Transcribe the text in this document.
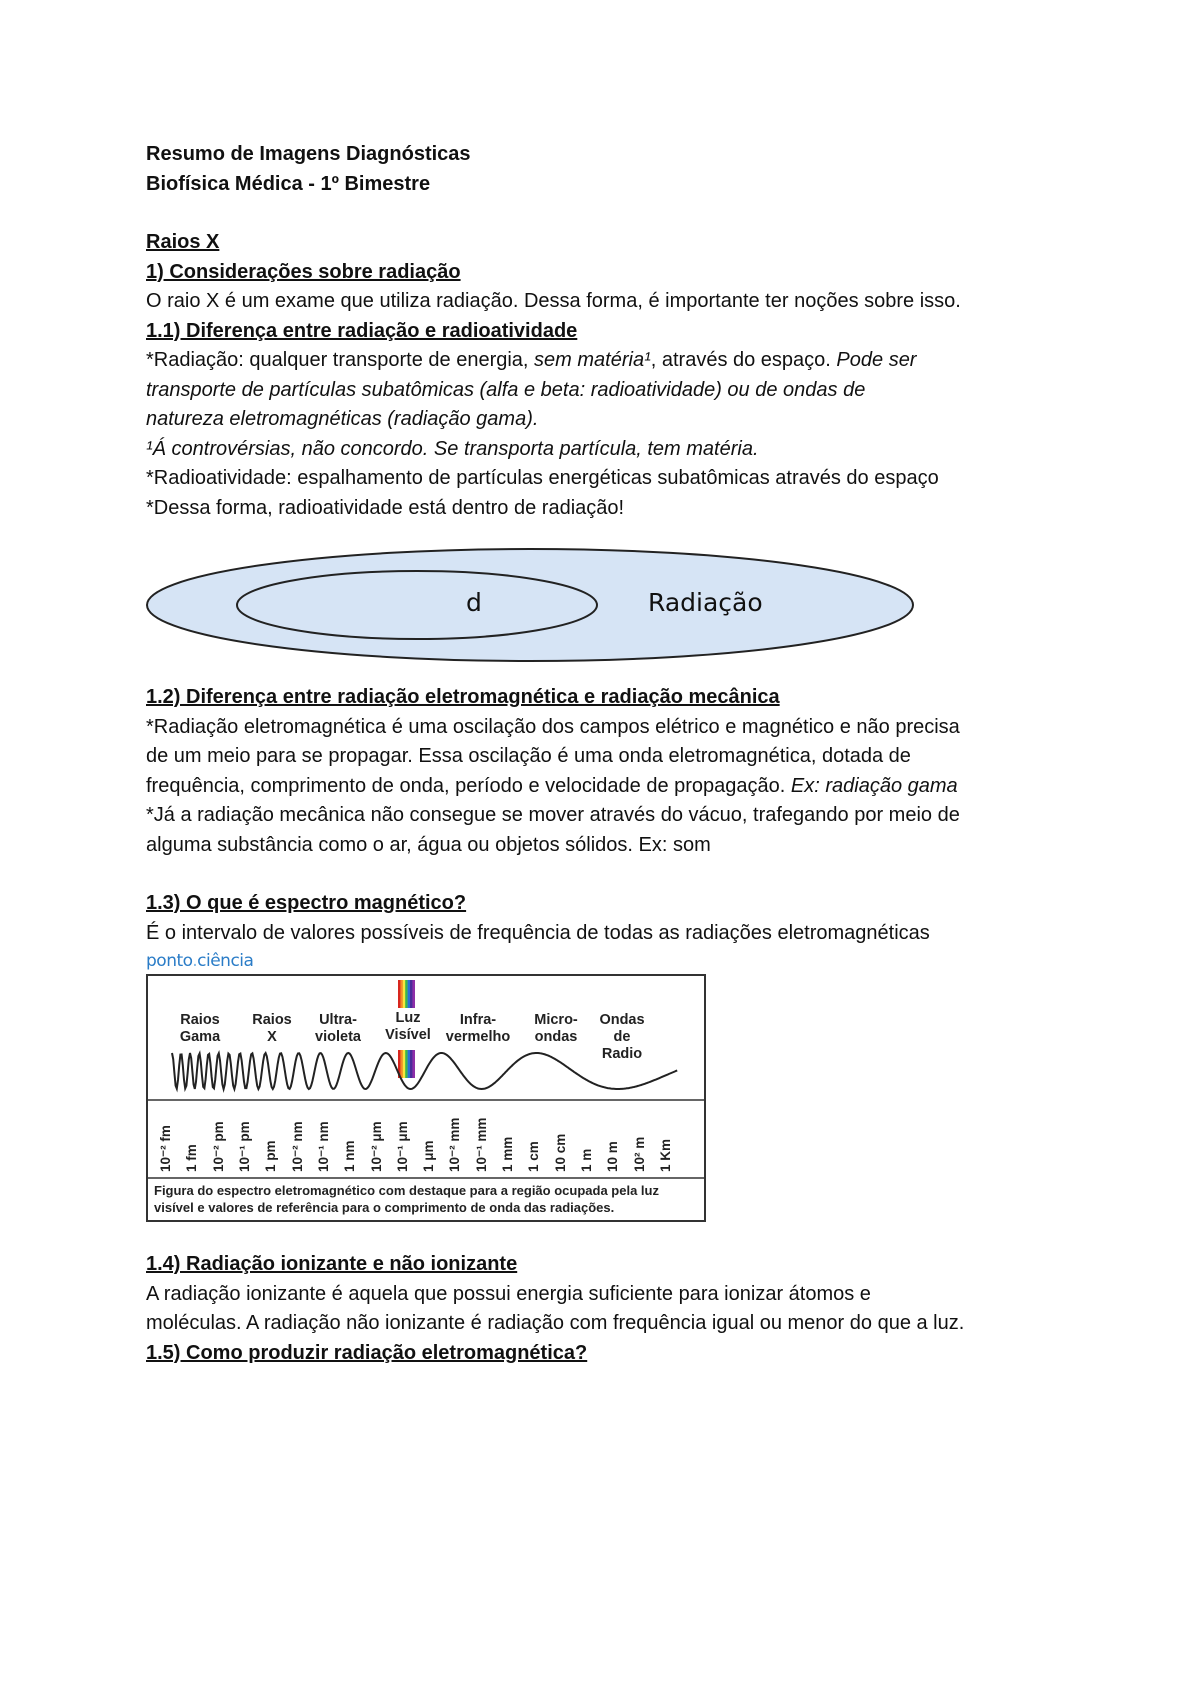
Resumo de Imagens Diagnósticas
Biofísica Médica - 1º Bimestre
Raios X
1) Considerações sobre radiação
O raio X é um exame que utiliza radiação. Dessa forma, é importante ter noções sobre isso.
1.1) Diferença entre radiação e radioatividade
*Radiação: qualquer transporte de energia, sem matéria¹, através do espaço. Pode ser
transporte de partículas subatômicas (alfa e beta: radioatividade) ou de ondas de
natureza eletromagnéticas (radiação gama).
¹Á controvérsias, não concordo. Se transporta partícula, tem matéria.
*Radioatividade: espalhamento de partículas energéticas subatômicas através do espaço
*Dessa forma, radioatividade está dentro de radiação!
d	Radiação
1.2) Diferença entre radiação eletromagnética e radiação mecânica
*Radiação eletromagnética é uma oscilação dos campos elétrico e magnético e não precisa
de um meio para se propagar. Essa oscilação é uma onda eletromagnética, dotada de
frequência, comprimento de onda, período e velocidade de propagação. Ex: radiação gama
*Já a radiação mecânica não consegue se mover através do vácuo, trafegando por meio de
alguma substância como o ar, água ou objetos sólidos. Ex: som
1.3) O que é espectro magnético?
É o intervalo de valores possíveis de frequência de todas as radiações eletromagnéticas
ponto.ciência
Figura do espectro eletromagnético com destaque para a região ocupada pela luz visível e valores de referência para o comprimento de onda das radiações.
Raios
Gama
Raios
X
Ultra-
violeta
Luz
Visível
Infra-
vermelho
Micro-
ondas
Ondas
de
Radio
10⁻² fm 1 fm 10⁻² pm 10⁻¹ pm 1 pm 10⁻² nm 10⁻¹ nm 1 nm 10⁻² μm 10⁻¹ μm 1 μm 10⁻² mm 10⁻¹ mm 1 mm 1 cm 10 cm 1 m 10 m 10² m 1 Km
1.4) Radiação ionizante e não ionizante
A radiação ionizante é aquela que possui energia suficiente para ionizar átomos e
moléculas. A radiação não ionizante é radiação com frequência igual ou menor do que a luz.
1.5) Como produzir radiação eletromagnética?
